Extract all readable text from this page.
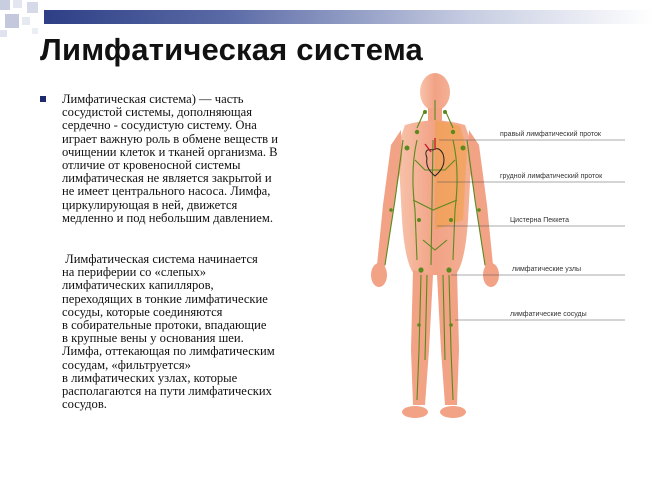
Лимфатическая система
Лимфатическая система) — часть
сосудистой системы, дополняющая
сердечно - сосудистую систему. Она
играет важную роль в обмене веществ и
очищении клеток и тканей организма. В
отличие от кровеносной системы
лимфатическая не является закрытой и
не имеет центрального насоса. Лимфа,
циркулирующая в ней, движется
медленно и под небольшим давлением.
Лимфатическая система начинается
на периферии со «слепых»
лимфатических капилляров,
переходящих в тонкие лимфатические
сосуды, которые соединяются
в собирательные протоки, впадающие
в крупные вены у основания шеи.
Лимфа, оттекающая по лимфатическим
сосудам, «фильтруется»
в лимфатических узлах, которые
располагаются на пути лимфатических
сосудов.
правый лимфатический проток
грудной лимфатический проток
Цистерна Пеккета
лимфатические узлы
лимфатические сосуды
